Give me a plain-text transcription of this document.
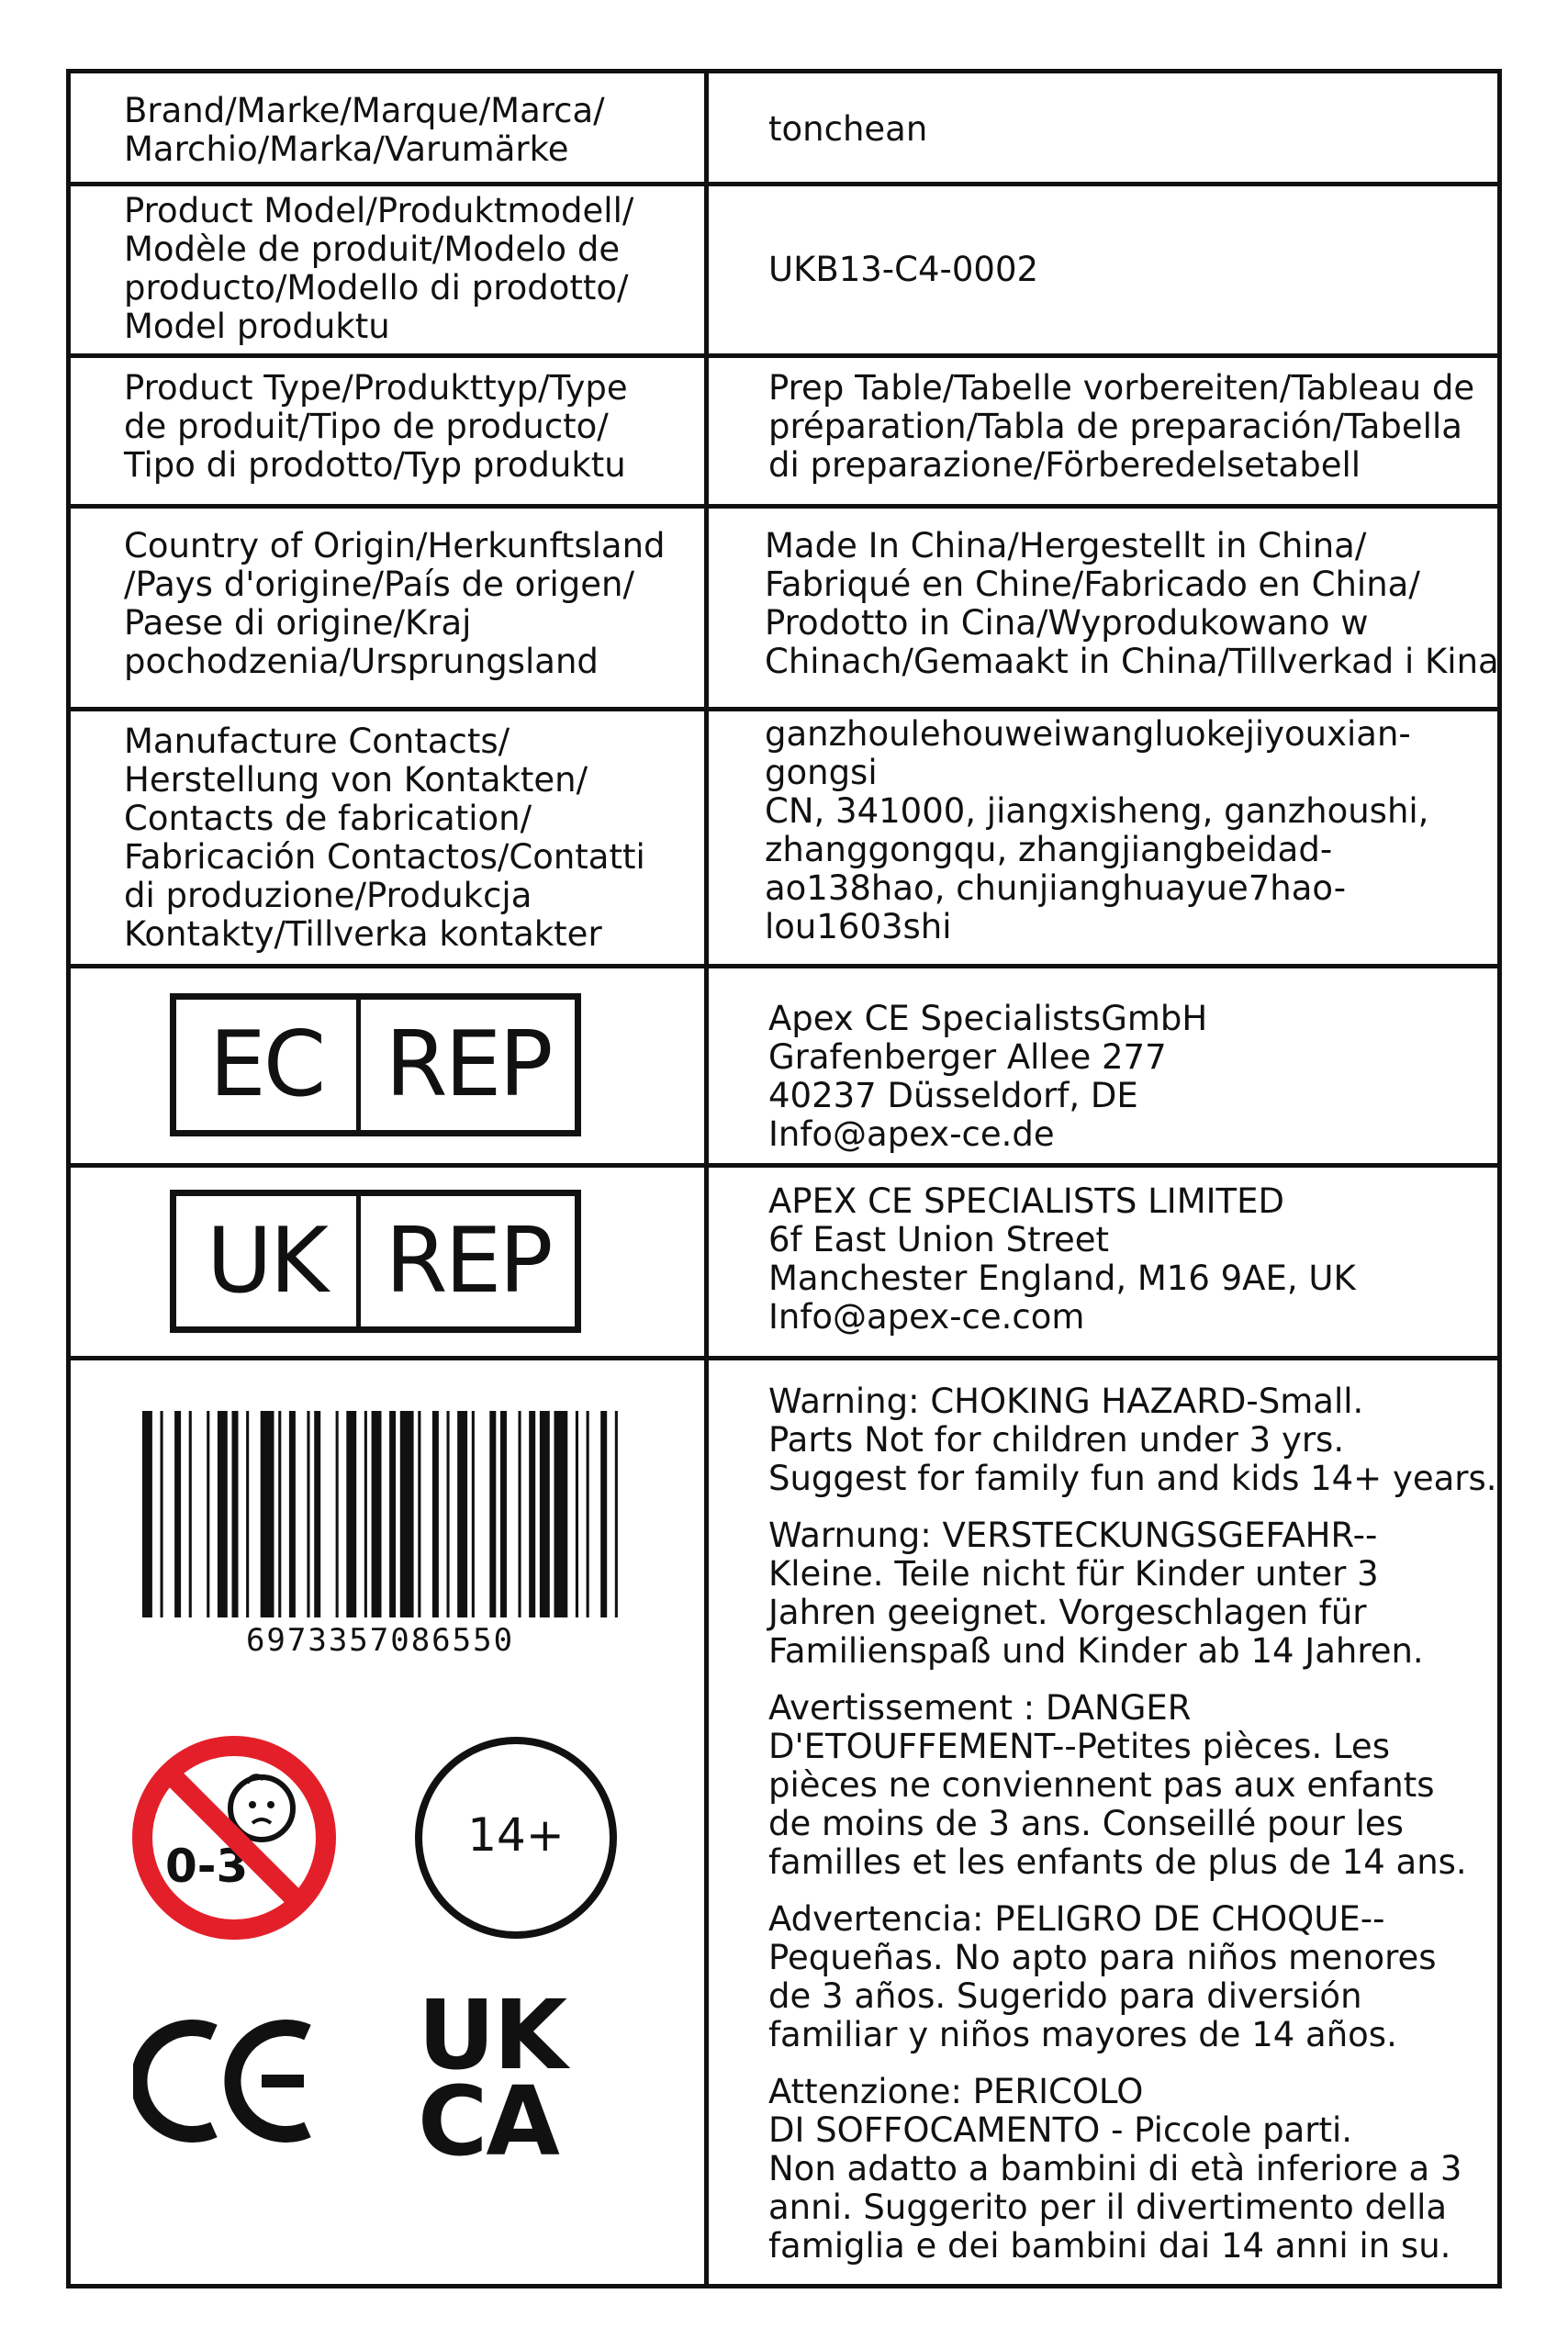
Brand/Marke/Marque/Marca/
Marchio/Marka/Varumärke
tonchean
Product Model/Produktmodell/
Modèle de produit/Modelo de
producto/Modello di prodotto/
Model produktu
UKB13-C4-0002
Product Type/Produkttyp/Type
de produit/Tipo de producto/
Tipo di prodotto/Typ produktu
Prep Table/Tabelle vorbereiten/Tableau de
préparation/Tabla de preparación/Tabella
di preparazione/Förberedelsetabell
Country of Origin/Herkunftsland
/Pays d'origine/País de origen/
Paese di origine/Kraj
pochodzenia/Ursprungsland
Made In China/Hergestellt in China/
Fabriqué en Chine/Fabricado en China/
Prodotto in Cina/Wyprodukowano w
Chinach/Gemaakt in China/Tillverkad i Kina
Manufacture Contacts/
Herstellung von Kontakten/
Contacts de fabrication/
Fabricación Contactos/Contatti
di produzione/Produkcja
Kontakty/Tillverka kontakter
ganzhoulehouweiwangluokejiyouxian-
gongsi
CN, 341000, jiangxisheng, ganzhoushi,
zhanggongqu, zhangjiangbeidad-
ao138hao, chunjianghuayue7hao-
lou1603shi
EC REP	Apex CE SpecialistsGmbH
Grafenberger Allee 277
40237 Düsseldorf, DE
Info@apex-ce.de
UK REP
APEX CE SPECIALISTS LIMITED
6f East Union Street
Manchester England, M16 9AE, UK
Info@apex-ce.com
6973357086550
0-3
14+
UK
CA

Warning: CHOKING HAZARD-Small.
Parts Not for children under 3 yrs.
Suggest for family fun and kids 14+ years.

Warnung: VERSTECKUNGSGEFAHR--
Kleine. Teile nicht für Kinder unter 3
Jahren geeignet. Vorgeschlagen für
Familienspaß und Kinder ab 14 Jahren.

Avertissement : DANGER
D'ETOUFFEMENT--Petites pièces. Les
pièces ne conviennent pas aux enfants
de moins de 3 ans. Conseillé pour les
familles et les enfants de plus de 14 ans.

Advertencia: PELIGRO DE CHOQUE--
Pequeñas. No apto para niños menores
de 3 años. Sugerido para diversión
familiar y niños mayores de 14 años.

Attenzione: PERICOLO
DI SOFFOCAMENTO - Piccole parti.
Non adatto a bambini di età inferiore a 3
anni. Suggerito per il divertimento della
famiglia e dei bambini dai 14 anni in su.
